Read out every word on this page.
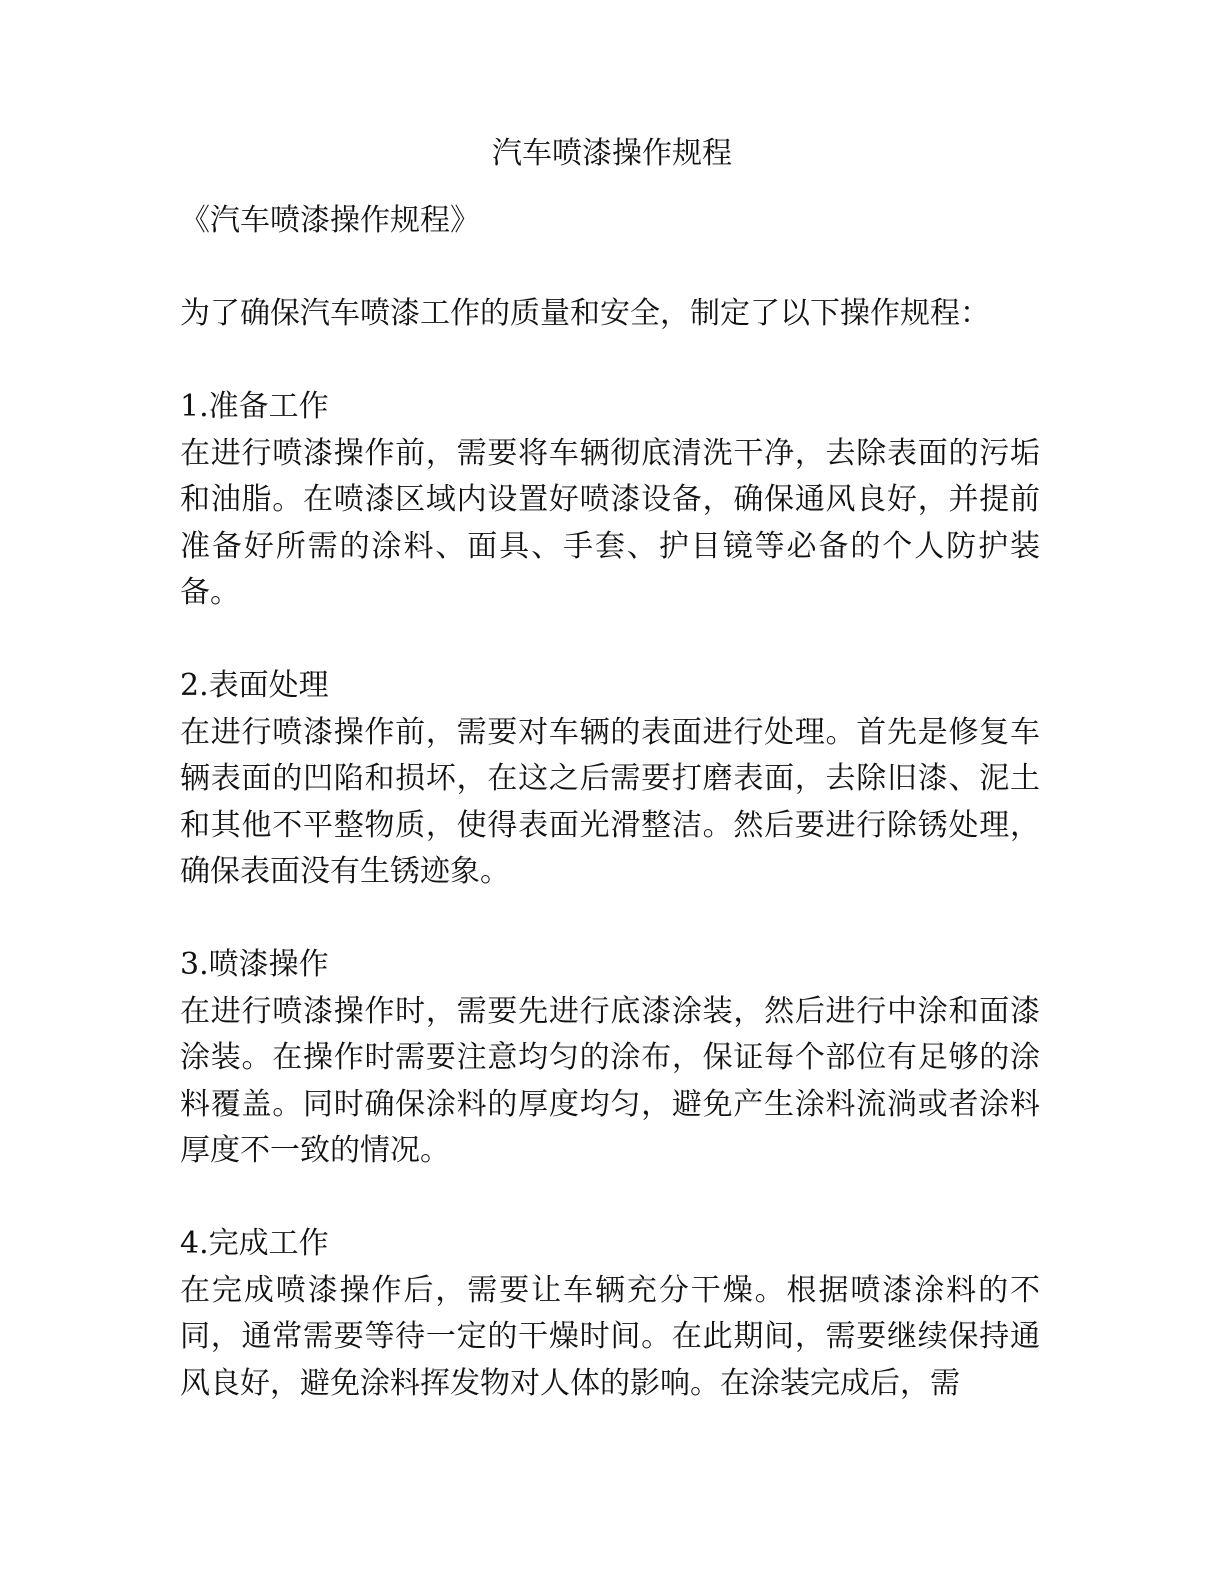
汽车喷漆操作规程

《汽车喷漆操作规程》

为了确保汽车喷漆工作的质量和安全，制定了以下操作规程：

1.准备工作

在进行喷漆操作前，需要将车辆彻底清洗干净，去除表面的污垢和油脂。在喷漆区域内设置好喷漆设备，确保通风良好，并提前准备好所需的涂料、面具、手套、护目镜等必备的个人防护装备。

2.表面处理

在进行喷漆操作前，需要对车辆的表面进行处理。首先是修复车辆表面的凹陷和损坏，在这之后需要打磨表面，去除旧漆、泥土和其他不平整物质，使得表面光滑整洁。然后要进行除锈处理，确保表面没有生锈迹象。

3.喷漆操作

在进行喷漆操作时，需要先进行底漆涂装，然后进行中涂和面漆涂装。在操作时需要注意均匀的涂布，保证每个部位有足够的涂料覆盖。同时确保涂料的厚度均匀，避免产生涂料流淌或者涂料厚度不一致的情况。

4.完成工作

在完成喷漆操作后，需要让车辆充分干燥。根据喷漆涂料的不同，通常需要等待一定的干燥时间。在此期间，需要继续保持通风良好，避免涂料挥发物对人体的影响。在涂装完成后，需
